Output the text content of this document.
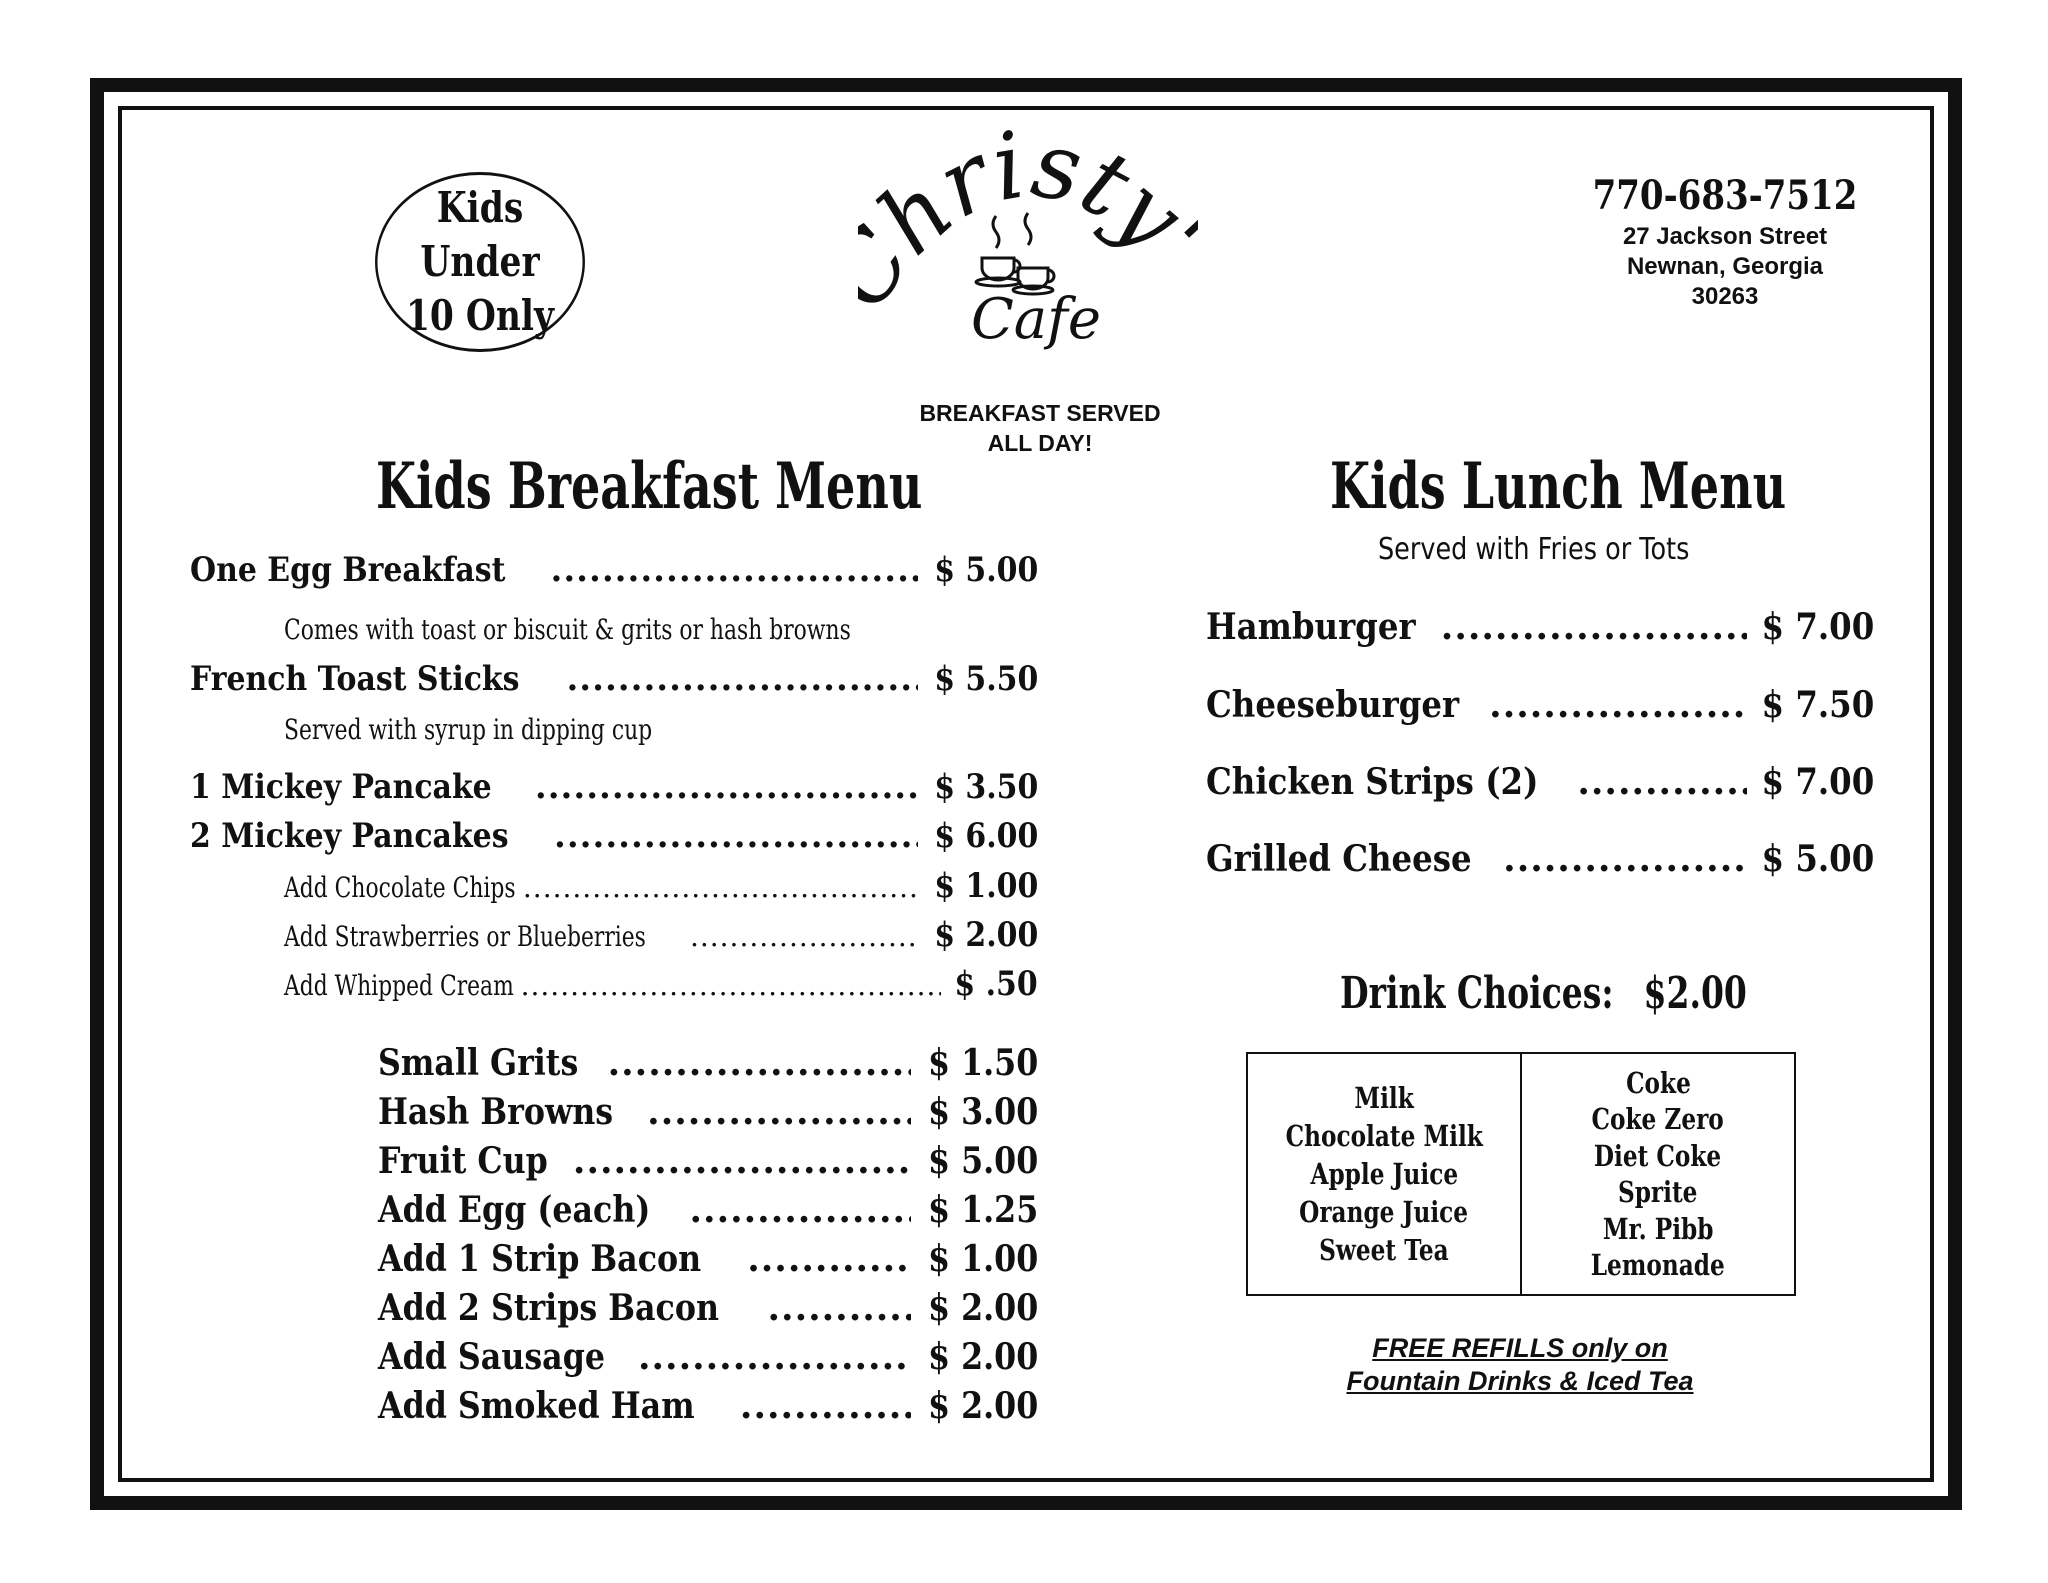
Kids Under
10 Only
hristy
Cafe
BREAKFAST SERVED
ALL DAY!
770-683-7512
27 Jackson Street
Newnan, Georgia
30263
Kids Breakfast Menu
One Egg Breakfast .....	$ 5.00
Comes with toast or biscuit & grits or hash browns
French Toast Sticks .....	$ 5.50
Served with syrup in dipping cup
1 Mickey Pancake .....	$ 3.50
2 Mickey Pancakes .....	$ 6.00
Add Chocolate Chips .....	$ 1.00
Add Strawberries or Blueberries .....	$ 2.00
Add Whipped Cream .....	$ .50
Small Grits .....	$ 1.50
Hash Browns .....	$ 3.00
Fruit Cup .....	$ 5.00
Add Egg (each) .....	$ 1.25
Add 1 Strip Bacon .....	$ 1.00
Add 2 Strips Bacon .....	$ 2.00
Add Sausage .....	$ 2.00
Add Smoked Ham .....	$ 2.00
Kids Lunch Menu
Served with Fries or Tots
Hamburger .....	$ 7.00
Cheeseburger .....	$ 7.50
Chicken Strips (2) .....	$ 7.00
Grilled Cheese .....	$ 5.00
Drink Choices: $2.00
Milk
Chocolate Milk
Apple Juice
Orange Juice
Sweet Tea
Coke
Coke Zero
Diet Coke
Sprite
Mr. Pibb
Lemonade
FREE REFILLS only on
Fountain Drinks & Iced Tea
